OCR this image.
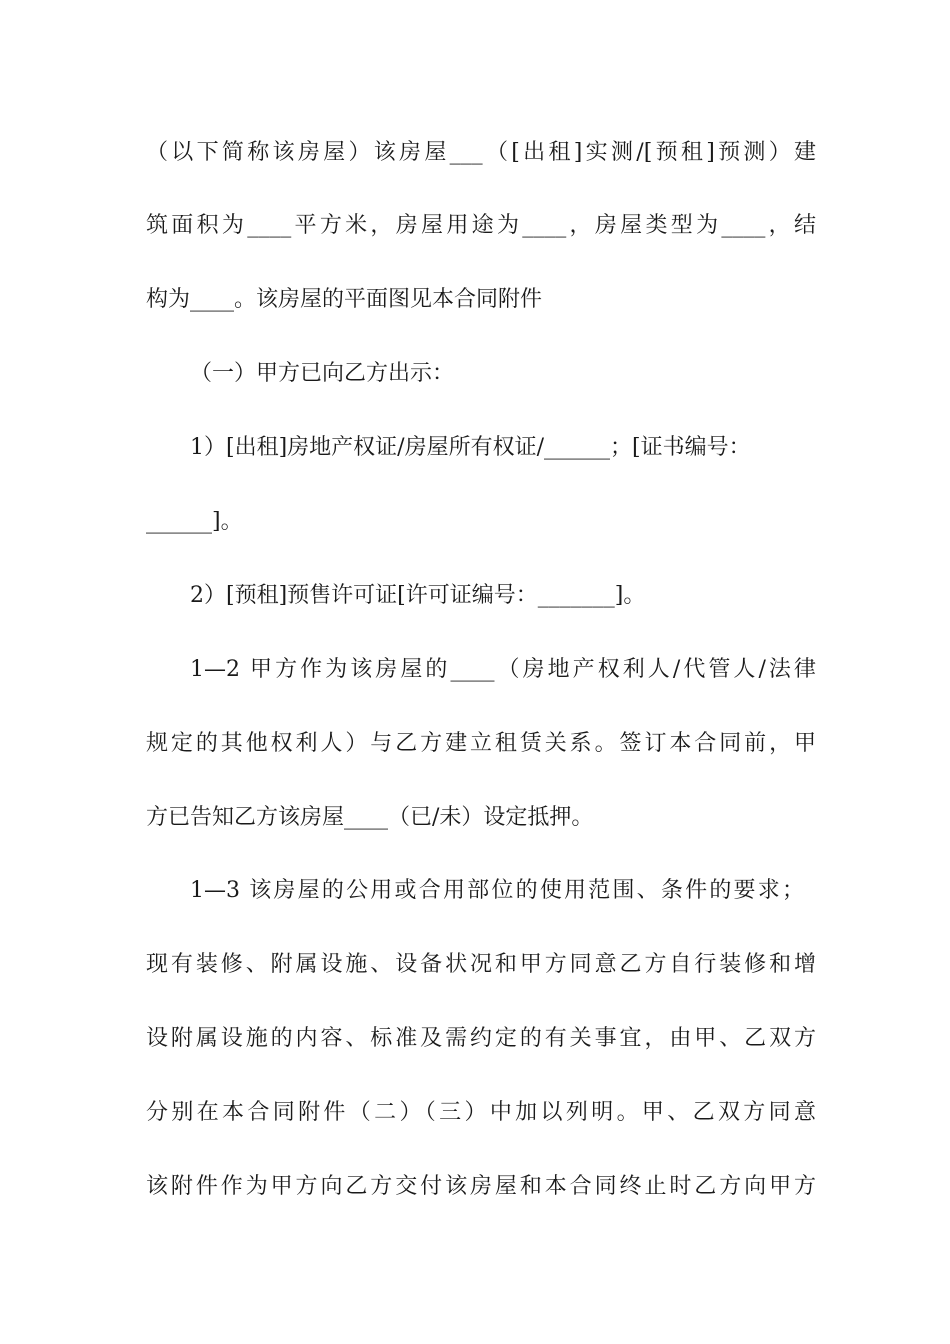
（以下简称该房屋）该房屋___（[出租]实测/[预租]预测）建
筑面积为____平方米，房屋用途为____，房屋类型为____，结
构为____。该房屋的平面图见本合同附件
（一）甲方已向乙方出示：
1）[出租]房地产权证/房屋所有权证/______；[证书编号：
______]。
2）[预租]预售许可证[许可证编号：_______]。
1—2 甲方作为该房屋的____（房地产权利人/代管人/法律
规定的其他权利人）与乙方建立租赁关系。签订本合同前，甲
方已告知乙方该房屋____（已/未）设定抵押。
1—3 该房屋的公用或合用部位的使用范围、条件的要求；
现有装修、附属设施、设备状况和甲方同意乙方自行装修和增
设附属设施的内容、标准及需约定的有关事宜，由甲、乙双方
分别在本合同附件（二）（三）中加以列明。甲、乙双方同意
该附件作为甲方向乙方交付该房屋和本合同终止时乙方向甲方
